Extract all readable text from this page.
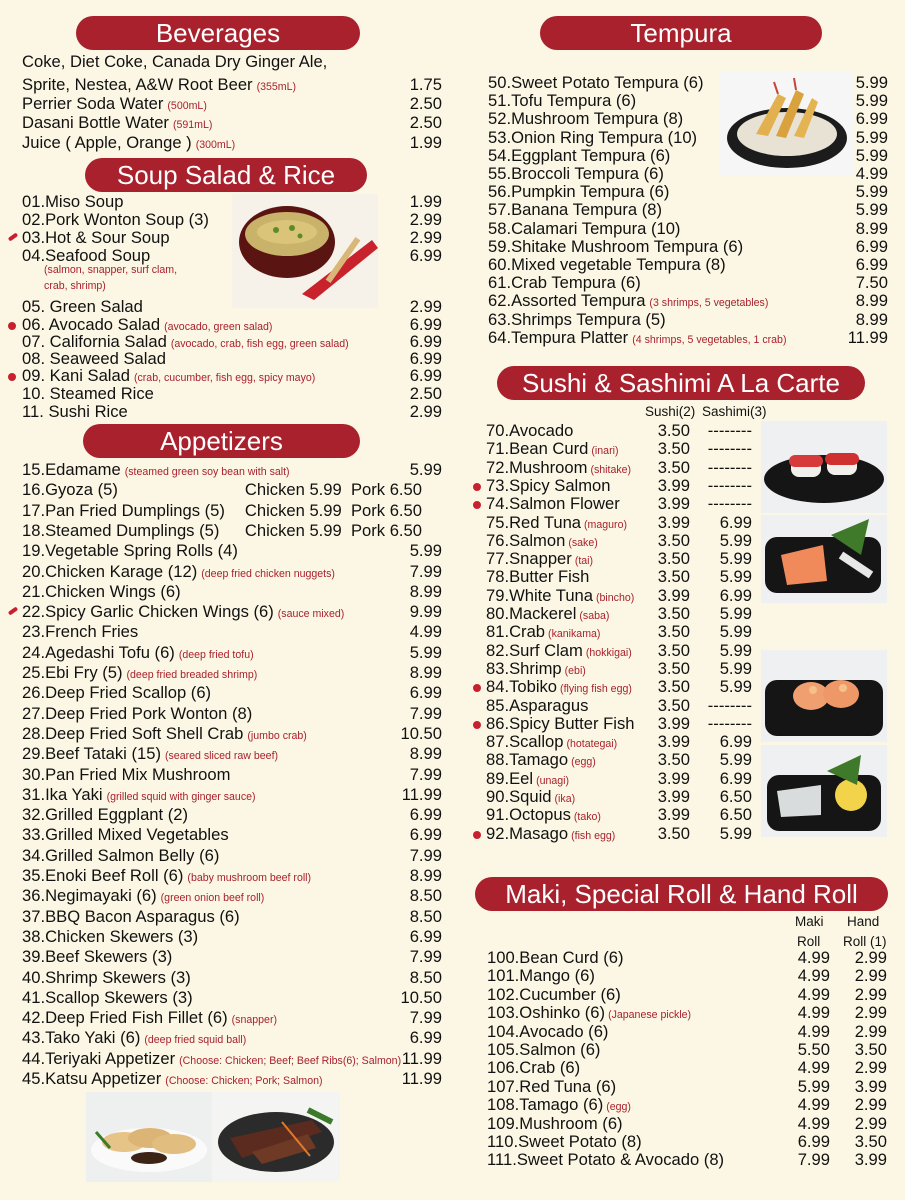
Beverages
Coke, Diet Coke, Canada Dry Ginger Ale,
Sprite, Nestea, A&W Root Beer (355mL)	1.75
Perrier Soda Water (500mL)	2.50
Dasani Bottle Water (591mL)	2.50
Juice ( Apple, Orange ) (300mL)	1.99
Soup Salad & Rice
01.Miso Soup	1.99
02.Pork Wonton Soup (3)	2.99
03.Hot & Sour Soup	2.99
04.Seafood Soup	6.99
(salmon, snapper, surf clam,
crab, shrimp)
05. Green Salad	2.99
06. Avocado Salad (avocado, green salad)	6.99
07. California Salad (avocado, crab, fish egg, green salad)	6.99
08. Seaweed Salad	6.99
09. Kani Salad (crab, cucumber, fish egg, spicy mayo)	6.99
10. Steamed Rice	2.50
11. Sushi Rice	2.99
Appetizers
15.Edamame (steamed green soy bean with salt)	5.99
16.Gyoza (5)	Chicken 5.99  Pork 6.50
17.Pan Fried Dumplings (5) Chicken 5.99  Pork 6.50
18.Steamed Dumplings (5) Chicken 5.99  Pork 6.50
19.Vegetable Spring Rolls (4)	5.99
20.Chicken Karage (12) (deep fried chicken nuggets)	7.99
21.Chicken Wings (6)	8.99
22.Spicy Garlic Chicken Wings (6) (sauce mixed)	9.99
23.French Fries	4.99
24.Agedashi Tofu (6) (deep fried tofu)	5.99
25.Ebi Fry (5) (deep fried breaded shrimp)	8.99
26.Deep Fried Scallop (6)	6.99
27.Deep Fried Pork Wonton (8)	7.99
28.Deep Fried Soft Shell Crab (jumbo crab)	10.50
29.Beef Tataki (15) (seared sliced raw beef)	8.99
30.Pan Fried Mix Mushroom	7.99
31.Ika Yaki (grilled squid with ginger sauce)	11.99
32.Grilled Eggplant (2)	6.99
33.Grilled Mixed Vegetables	6.99
34.Grilled Salmon Belly (6)	7.99
35.Enoki Beef Roll (6) (baby mushroom beef roll)	8.99
36.Negimayaki (6) (green onion beef roll)	8.50
37.BBQ Bacon Asparagus (6)	8.50
38.Chicken Skewers (3)	6.99
39.Beef Skewers (3)	7.99
40.Shrimp Skewers (3)	8.50
41.Scallop Skewers (3)	10.50
42.Deep Fried Fish Fillet (6) (snapper)	7.99
43.Tako Yaki (6) (deep fried squid ball)	6.99
44.Teriyaki Appetizer (Choose: Chicken; Beef; Beef Ribs(6); Salmon) 11.99
45.Katsu Appetizer (Choose: Chicken; Pork; Salmon)	11.99
Tempura
50.Sweet Potato Tempura (6)	5.99
51.Tofu Tempura (6)	5.99
52.Mushroom Tempura (8)	6.99
53.Onion Ring Tempura (10)	5.99
54.Eggplant Tempura (6)	5.99
55.Broccoli Tempura (6)	4.99
56.Pumpkin Tempura (6)	5.99
57.Banana Tempura (8)	5.99
58.Calamari Tempura (10)	8.99
59.Shitake Mushroom Tempura (6)	6.99
60.Mixed vegetable Tempura (8)	6.99
61.Crab Tempura (6)	7.50
62.Assorted Tempura (3 shrimps, 5 vegetables)	8.99
63.Shrimps Tempura (5)	8.99
64.Tempura Platter (4 shrimps, 5 vegetables, 1 crab)	11.99
Sushi & Sashimi A La Carte
Sushi(2) Sashimi(3)
70.Avocado	3.50	--------
71.Bean Curd (inari)	3.50	--------
72.Mushroom (shitake)	3.50	--------
73.Spicy Salmon	3.99	--------
74.Salmon Flower	3.99	--------
75.Red Tuna (maguro)	3.99	6.99
76.Salmon (sake)	3.50	5.99
77.Snapper (tai)	3.50	5.99
78.Butter Fish	3.50	5.99
79.White Tuna (bincho)	3.99	6.99
80.Mackerel (saba)	3.50	5.99
81.Crab (kanikama)	3.50	5.99
82.Surf Clam (hokkigai)	3.50	5.99
83.Shrimp (ebi)	3.50	5.99
84.Tobiko (flying fish egg)	3.50	5.99
85.Asparagus	3.50	--------
86.Spicy Butter Fish	3.99	--------
87.Scallop (hotategai)	3.99	6.99
88.Tamago (egg)	3.50	5.99
89.Eel (unagi)	3.99	6.99
90.Squid (ika)	3.99	6.50
91.Octopus (tako)	3.99	6.50
92.Masago (fish egg)	3.50	5.99
Maki, Special Roll & Hand Roll
Maki
Roll
Hand
Roll (1)
100.Bean Curd (6)	4.99	2.99
101.Mango (6)	4.99	2.99
102.Cucumber (6)	4.99	2.99
103.Oshinko (6) (Japanese pickle)	4.99	2.99
104.Avocado (6)	4.99	2.99
105.Salmon (6)	5.50	3.50
106.Crab (6)	4.99	2.99
107.Red Tuna (6)	5.99	3.99
108.Tamago (6) (egg)	4.99	2.99
109.Mushroom (6)	4.99	2.99
110.Sweet Potato (8)	6.99	3.50
111.Sweet Potato & Avocado (8)	7.99	3.99
